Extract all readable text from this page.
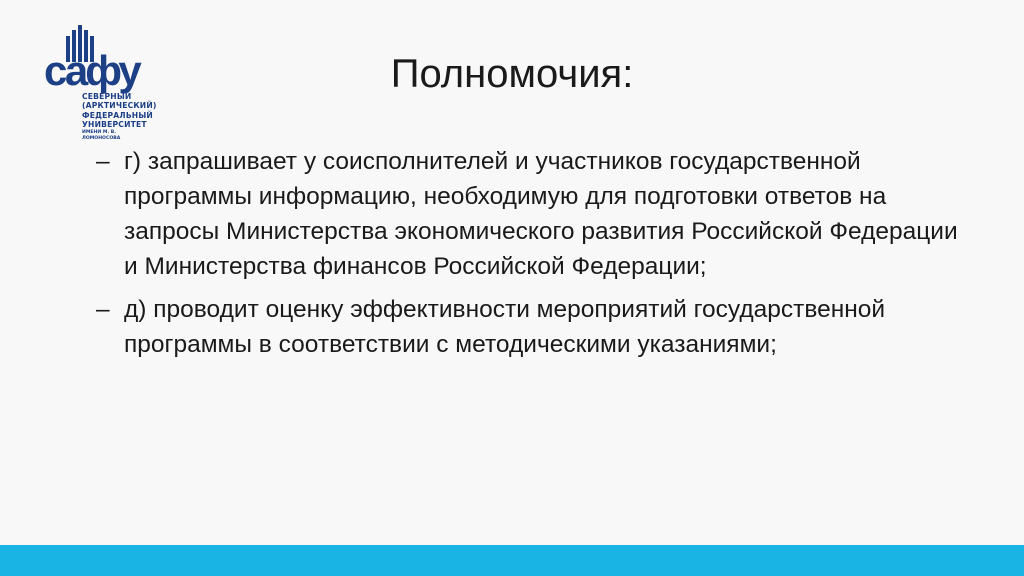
сафу
СЕВЕРНЫЙ
(АРКТИЧЕСКИЙ)
ФЕДЕРАЛЬНЫЙ
УНИВЕРСИТЕТ
ИМЕНИ М. В. ЛОМОНОСОВА
Полномочия:
– г) запрашивает у соисполнителей и участников государственной программы информацию, необходимую для подготовки ответов на запросы Министерства экономического развития Российской Федерации и Министерства финансов Российской Федерации;
– д) проводит оценку эффективности мероприятий государственной программы в соответствии с методическими указаниями;
